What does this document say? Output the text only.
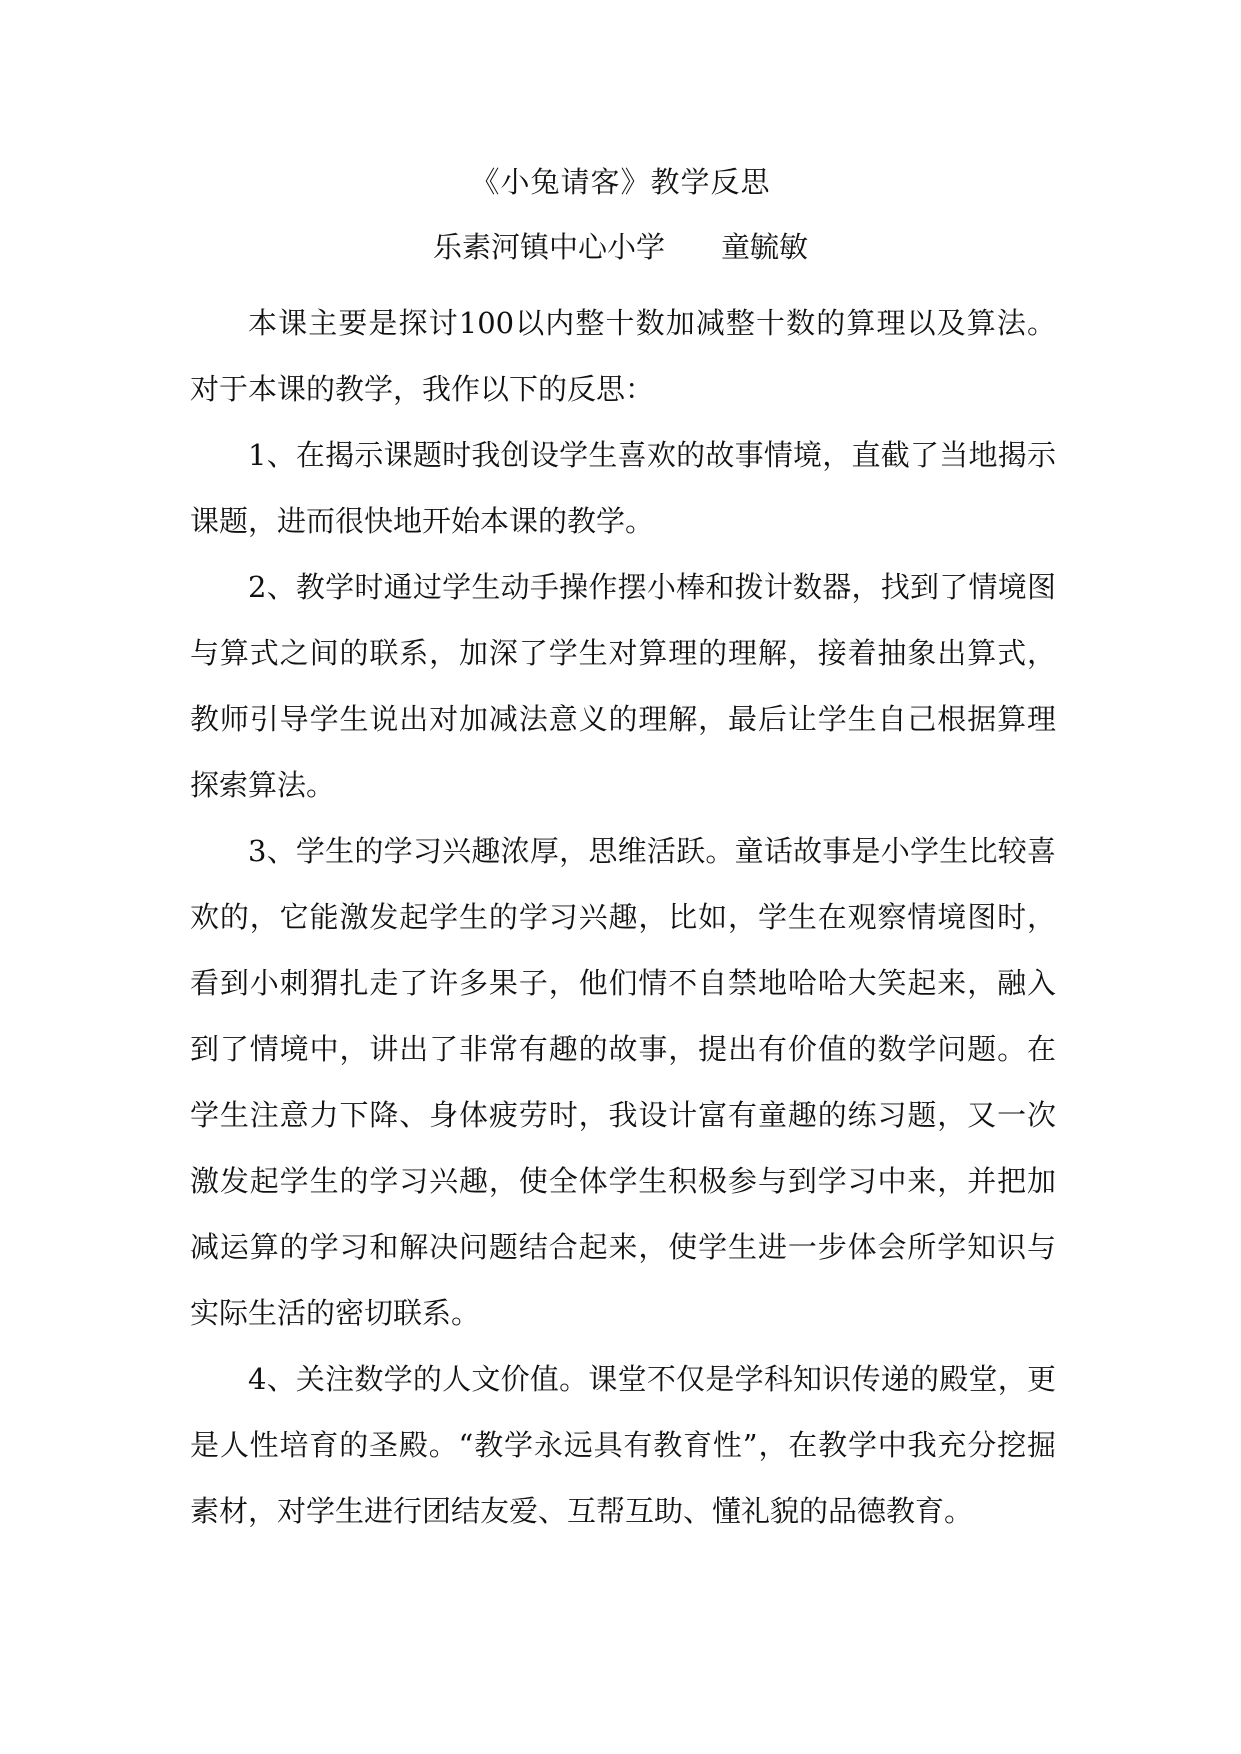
《小兔请客》教学反思
乐素河镇中心小学 童毓敏

本课主要是探讨100以内整十数加减整十数的算理以及算法。对于本课的教学，我作以下的反思：

1、在揭示课题时我创设学生喜欢的故事情境，直截了当地揭示课题，进而很快地开始本课的教学。

2、教学时通过学生动手操作摆小棒和拨计数器，找到了情境图与算式之间的联系，加深了学生对算理的理解，接着抽象出算式，教师引导学生说出对加减法意义的理解，最后让学生自己根据算理探索算法。

3、学生的学习兴趣浓厚，思维活跃。童话故事是小学生比较喜欢的，它能激发起学生的学习兴趣，比如，学生在观察情境图时，看到小刺猬扎走了许多果子，他们情不自禁地哈哈大笑起来，融入到了情境中，讲出了非常有趣的故事，提出有价值的数学问题。在学生注意力下降、身体疲劳时，我设计富有童趣的练习题，又一次激发起学生的学习兴趣，使全体学生积极参与到学习中来，并把加减运算的学习和解决问题结合起来，使学生进一步体会所学知识与实际生活的密切联系。

4、关注数学的人文价值。课堂不仅是学科知识传递的殿堂，更是人性培育的圣殿。“教学永远具有教育性”，在教学中我充分挖掘素材，对学生进行团结友爱、互帮互助、懂礼貌的品德教育。
